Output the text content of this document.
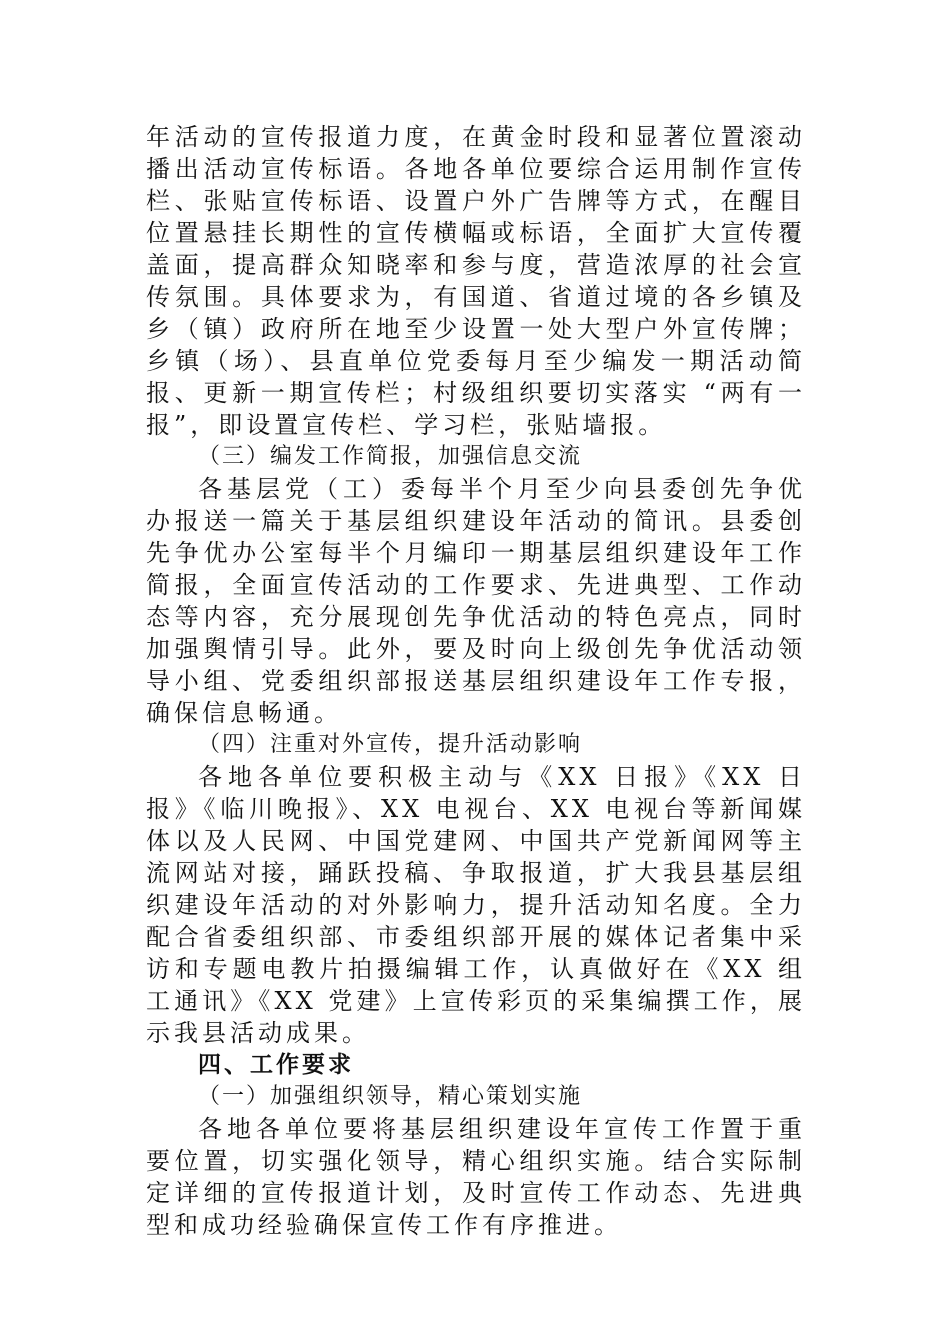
年活动的宣传报道力度，在黄金时段和显著位置滚动播出活动宣传标语。各地各单位要综合运用制作宣传栏、张贴宣传标语、设置户外广告牌等方式，在醒目位置悬挂长期性的宣传横幅或标语，全面扩大宣传覆盖面，提高群众知晓率和参与度，营造浓厚的社会宣传氛围。具体要求为，有国道、省道过境的各乡镇及乡（镇）政府所在地至少设置一处大型户外宣传牌；乡镇（场）、县直单位党委每月至少编发一期活动简报、更新一期宣传栏；村级组织要切实落实 “两有一报”，即设置宣传栏、学习栏，张贴墙报。

（三）编发工作简报，加强信息交流

各基层党（工）委每半个月至少向县委创先争优办报送一篇关于基层组织建设年活动的简讯。县委创先争优办公室每半个月编印一期基层组织建设年工作简报，全面宣传活动的工作要求、先进典型、工作动态等内容，充分展现创先争优活动的特色亮点，同时加强舆情引导。此外，要及时向上级创先争优活动领导小组、党委组织部报送基层组织建设年工作专报，确保信息畅通。

（四）注重对外宣传，提升活动影响

各地各单位要积极主动与《XX 日报》《XX 日报》《临川晚报》、XX 电视台、XX 电视台等新闻媒体以及人民网、中国党建网、中国共产党新闻网等主流网站对接，踊跃投稿、争取报道，扩大我县基层组织建设年活动的对外影响力，提升活动知名度。全力配合省委组织部、市委组织部开展的媒体记者集中采访和专题电教片拍摄编辑工作，认真做好在《XX 组工通讯》《XX 党建》上宣传彩页的采集编撰工作，展示我县活动成果。

四、工作要求

（一）加强组织领导，精心策划实施

各地各单位要将基层组织建设年宣传工作置于重要位置，切实强化领导，精心组织实施。结合实际制定详细的宣传报道计划，及时宣传工作动态、先进典型和成功经验确保宣传工作有序推进。
